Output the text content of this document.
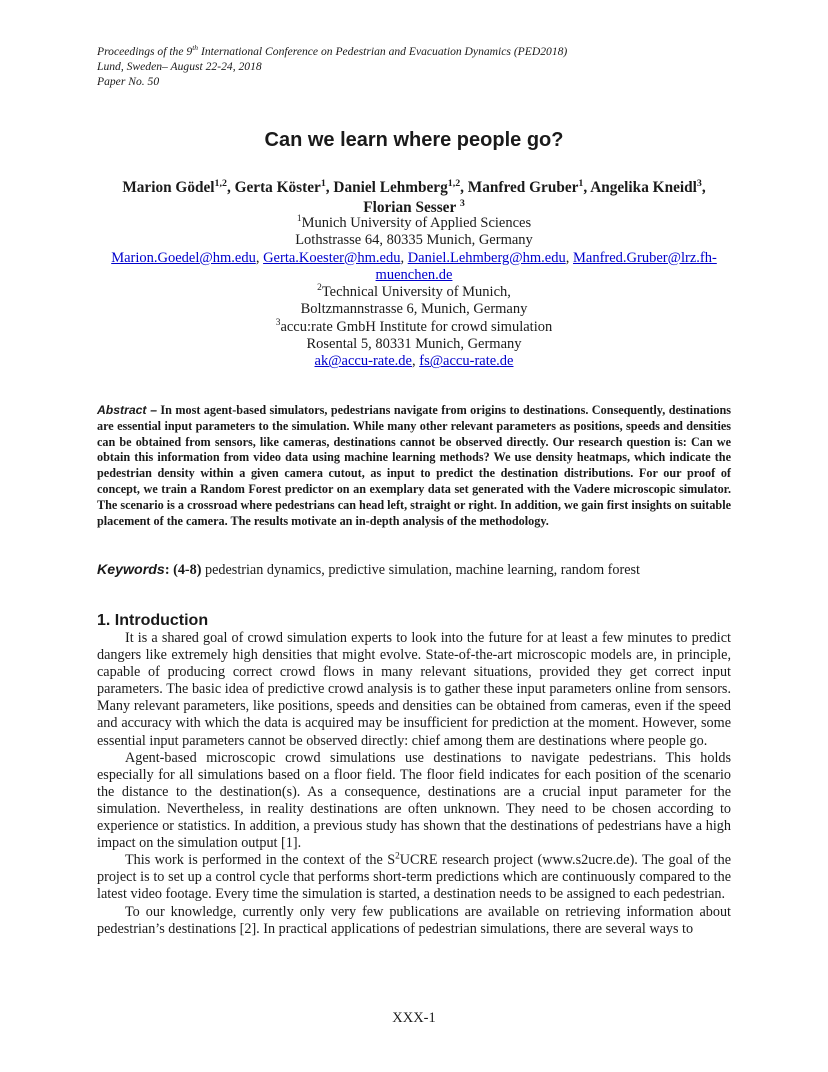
Proceedings of the 9th International Conference on Pedestrian and Evacuation Dynamics (PED2018)
Lund, Sweden– August 22-24, 2018
Paper No. 50
Can we learn where people go?
Marion Gödel$^{1,2}$, Gerta Köster$^1$, Daniel Lehmberg$^{1,2}$, Manfred Gruber$^1$, Angelika Kneidl$^3$,
Florian Sesser $^3$
$^1$Munich University of Applied Sciences
Lothstrasse 64, 80335 Munich, Germany
Marion.Goedel@hm.edu, Gerta.Koester@hm.edu, Daniel.Lehmberg@hm.edu, Manfred.Gruber@lrz.fh-muenchen.de
$^2$Technical University of Munich,
Boltzmannstrasse 6, Munich, Germany
$^3$accu:rate GmbH Institute for crowd simulation
Rosental 5, 80331 Munich, Germany
ak@accu-rate.de, fs@accu-rate.de
Abstract – In most agent-based simulators, pedestrians navigate from origins to destinations. Consequently, destinations are essential input parameters to the simulation. While many other relevant parameters as positions, speeds and densities can be obtained from sensors, like cameras, destinations cannot be observed directly. Our research question is: Can we obtain this information from video data using machine learning methods? We use density heatmaps, which indicate the pedestrian density within a given camera cutout, as input to predict the destination distributions. For our proof of concept, we train a Random Forest predictor on an exemplary data set generated with the Vadere microscopic simulator. The scenario is a crossroad where pedestrians can head left, straight or right. In addition, we gain first insights on suitable placement of the camera. The results motivate an in-depth analysis of the methodology.
Keywords: (4-8) pedestrian dynamics, predictive simulation, machine learning, random forest
1. Introduction

It is a shared goal of crowd simulation experts to look into the future for at least a few minutes to predict dangers like extremely high densities that might evolve. State-of-the-art microscopic models are, in principle, capable of producing correct crowd flows in many relevant situations, provided they get correct input parameters. The basic idea of predictive crowd analysis is to gather these input parameters online from sensors. Many relevant parameters, like positions, speeds and densities can be obtained from cameras, even if the speed and accuracy with which the data is acquired may be insufficient for prediction at the moment. However, some essential input parameters cannot be observed directly: chief among them are destinations where people go.

Agent-based microscopic crowd simulations use destinations to navigate pedestrians. This holds especially for all simulations based on a floor field. The floor field indicates for each position of the scenario the distance to the destination(s). As a consequence, destinations are a crucial input parameter for the simulation. Nevertheless, in reality destinations are often unknown. They need to be chosen according to experience or statistics. In addition, a previous study has shown that the destinations of pedestrians have a high impact on the simulation output [1].

This work is performed in the context of the $S^2UCRE$ research project (www.s2ucre.de). The goal of the project is to set up a control cycle that performs short-term predictions which are continuously compared to the latest video footage. Every time the simulation is started, a destination needs to be assigned to each pedestrian.

To our knowledge, currently only very few publications are available on retrieving information about pedestrian’s destinations [2]. In practical applications of pedestrian simulations, there are several ways to

XXX-1
